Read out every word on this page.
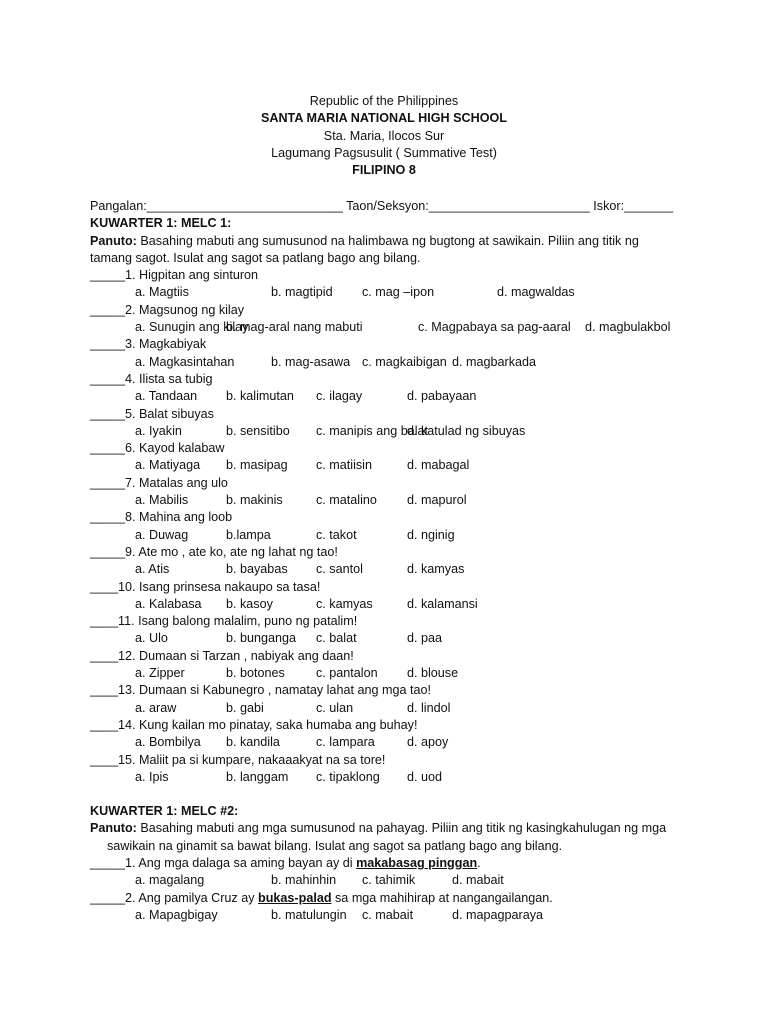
Republic of the Philippines
SANTA MARIA NATIONAL HIGH SCHOOL
Sta. Maria, Ilocos Sur
Lagumang Pagsusulit ( Summative Test)
FILIPINO 8
Pangalan:____________________________ Taon/Seksyon:_______________________ Iskor:_______
KUWARTER 1: MELC 1:
Panuto: Basahing mabuti ang sumusunod na halimbawa ng bugtong at sawikain. Piliin ang titik ng tamang sagot. Isulat ang sagot sa patlang bago ang bilang.
_____1. Higpitan ang sinturon
a. Magtiis	b. magtipid c. mag –ipon	d. magwaldas
_____2. Magsunog ng kilay
a. Sunugin ang kilay
b. mag-aral nang mabuti	c. Magpabaya sa pag-aaral d. magbulakbol
_____3. Magkabiyak
a. Magkasintahan	b. mag-asawa c. magkaibigan d. magbarkada
_____4. Ilista sa tubig
a. Tandaan b. kalimutan c. ilagay	d. pabayaan
_____5. Balat sibuyas
a. Iyakin	b. sensitibo c. manipis ang balat
d. katulad ng sibuyas
_____6. Kayod kalabaw
a. Matiyaga b. masipag c. matiisin	d. mabagal
_____7. Matalas ang ulo
a. Mabilis	b. makinis	c. matalino d. mapurol
_____8. Mahina ang loob
a. Duwag	b.lampa	c. takot	d. nginig
_____9. Ate mo , ate ko, ate ng lahat ng tao!
a. Atis	b. bayabas c. santol	d. kamyas
____10. Isang prinsesa nakaupo sa tasa!
a. Kalabasa b. kasoy	c. kamyas	d. kalamansi
____11. Isang balong malalim, puno ng patalim!
a. Ulo	b. bunganga c. balat	d. paa
____12. Dumaan si Tarzan , nabiyak ang daan!
a. Zipper	b. botones c. pantalon d. blouse
____13. Dumaan si Kabunegro , namatay lahat ang mga tao!
a. araw	b. gabi	c. ulan	d. lindol
____14. Kung kailan mo pinatay, saka humaba ang buhay!
a. Bombilya b. kandila	c. lampara	d. apoy
____15. Maliit pa si kumpare, nakaaakyat na sa tore!
a. Ipis	b. langgam c. tipaklong d. uod
KUWARTER 1: MELC #2:
Panuto: Basahing mabuti ang mga sumusunod na pahayag. Piliin ang titik ng kasingkahulugan ng mga
sawikain na ginamit sa bawat bilang. Isulat ang sagot sa patlang bago ang bilang.
_____1. Ang mga dalaga sa aming bayan ay di makabasag pinggan.
a. magalang	b. mahinhin c. tahimik	d. mabait
_____2. Ang pamilya Cruz ay bukas-palad sa mga mahihirap at nangangailangan.
a. Mapagbigay	b. matulungin c. mabait	d. mapagparaya
